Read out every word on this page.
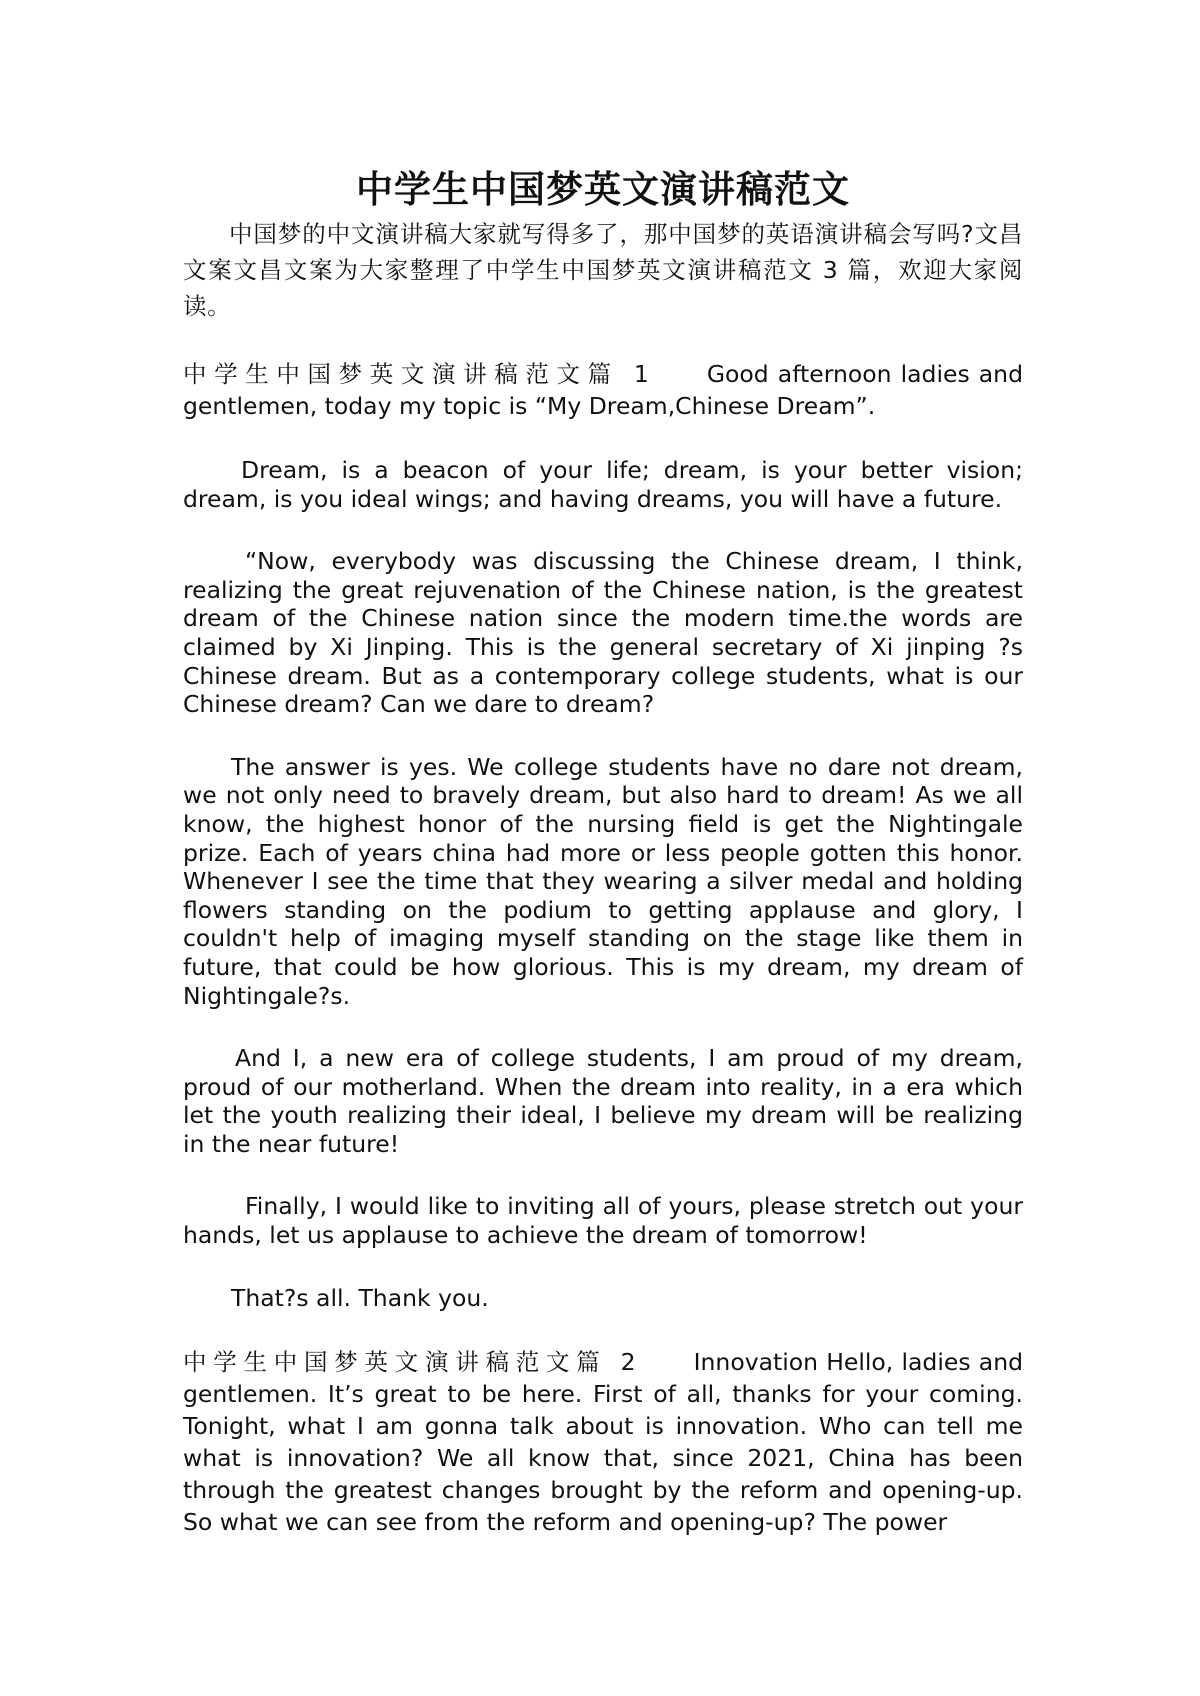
中学生中国梦英文演讲稿范文

中国梦的中文演讲稿大家就写得多了，那中国梦的英语演讲稿会写吗?文昌文案文昌文案为大家整理了中学生中国梦英文演讲稿范文 3 篇，欢迎大家阅读。

中学生中国梦英文演讲稿范文篇 1 Good afternoon ladies and gentlemen, today my topic is “My Dream,Chinese Dream”.

Dream, is a beacon of your life; dream, is your better vision; dream, is you ideal wings; and having dreams, you will have a future.

“Now, everybody was discussing the Chinese dream, I think, realizing the great rejuvenation of the Chinese nation, is the greatest dream of the Chinese nation since the modern time.the words are claimed by Xi Jinping. This is the general secretary of Xi jinping ?s Chinese dream. But as a contemporary college students, what is our Chinese dream? Can we dare to dream?

The answer is yes. We college students have no dare not dream, we not only need to bravely dream, but also hard to dream! As we all know, the highest honor of the nursing field is get the Nightingale prize. Each of years china had more or less people gotten this honor. Whenever I see the time that they wearing a silver medal and holding flowers standing on the podium to getting applause and glory, I couldn't help of imaging myself standing on the stage like them in future, that could be how glorious. This is my dream, my dream of Nightingale?s.

And I, a new era of college students, I am proud of my dream, proud of our motherland. When the dream into reality, in a era which let the youth realizing their ideal, I believe my dream will be realizing in the near future!

Finally, I would like to inviting all of yours, please stretch out your hands, let us applause to achieve the dream of tomorrow!

That?s all. Thank you.

中学生中国梦英文演讲稿范文篇 2 Innovation Hello, ladies and gentlemen. It’s great to be here. First of all, thanks for your coming. Tonight, what I am gonna talk about is innovation. Who can tell me what is innovation? We all know that, since 2021, China has been through the greatest changes brought by the reform and opening-up. So what we can see from the reform and opening-up? The power
